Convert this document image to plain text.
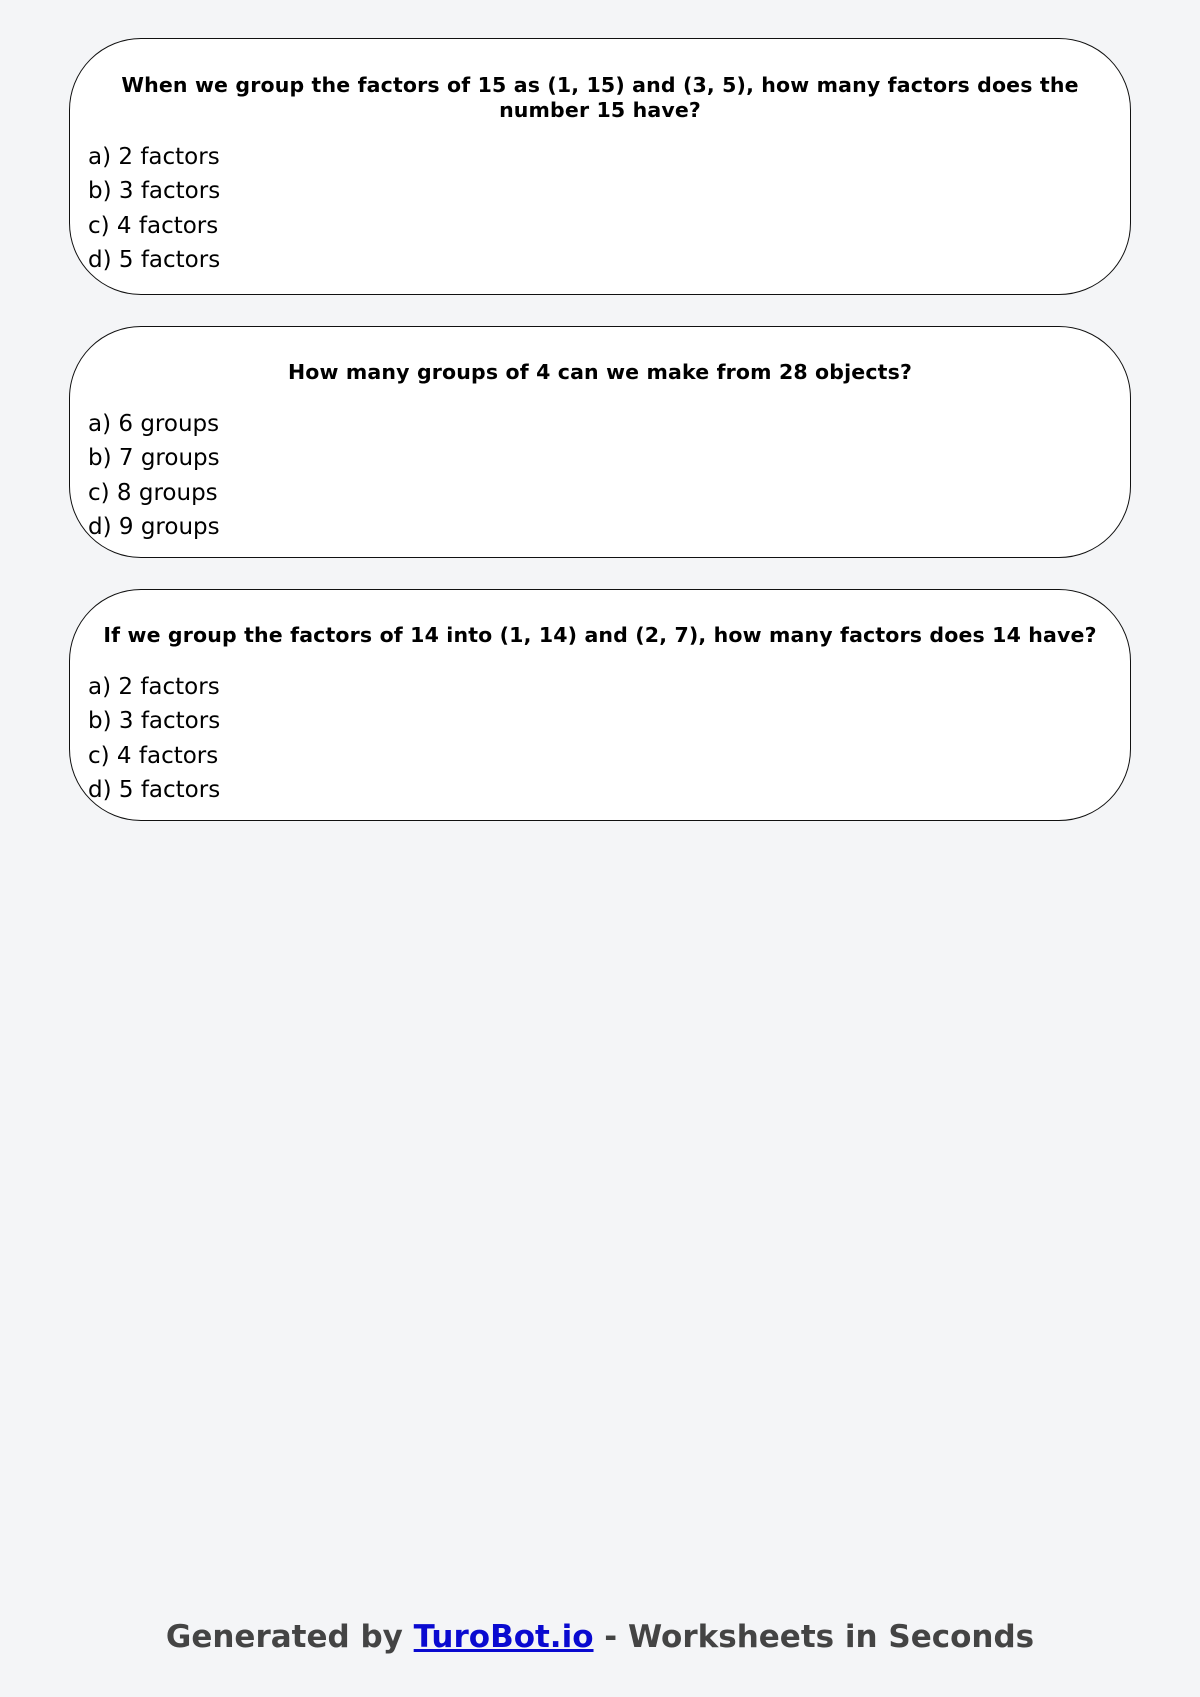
When we group the factors of 15 as (1, 15) and (3, 5), how many factors does the number 15 have?

a) 2 factors
b) 3 factors
c) 4 factors
d) 5 factors

How many groups of 4 can we make from 28 objects?

a) 6 groups
b) 7 groups
c) 8 groups
d) 9 groups

If we group the factors of 14 into (1, 14) and (2, 7), how many factors does 14 have?

a) 2 factors
b) 3 factors
c) 4 factors
d) 5 factors
Generated by TuroBot.io - Worksheets in Seconds
